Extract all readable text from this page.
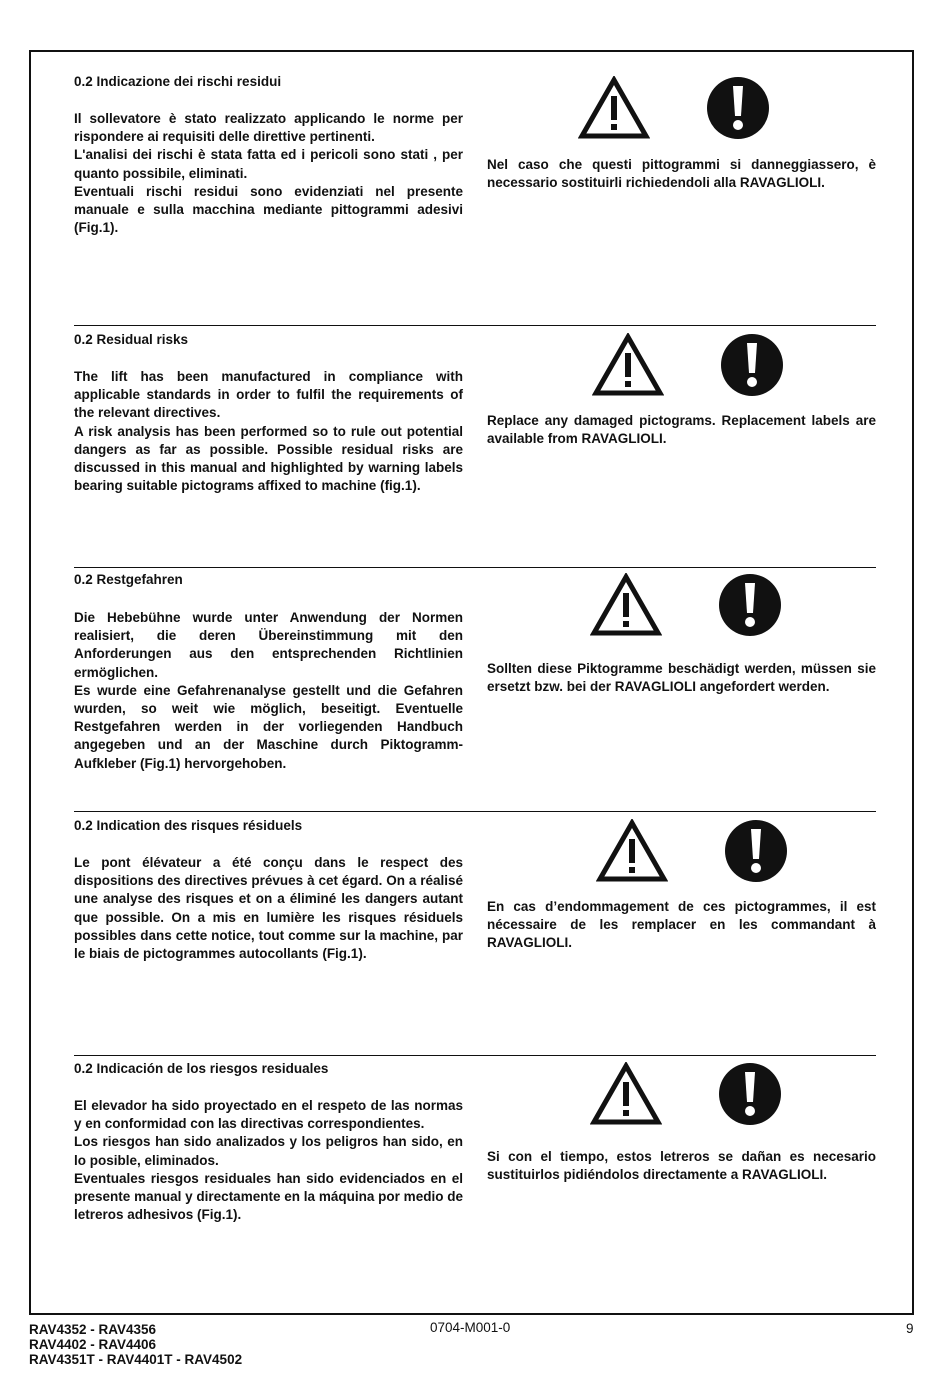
0.2 Indicazione dei rischi residui

Il sollevatore è stato realizzato applicando le norme per rispondere ai requisiti delle direttive pertinenti.
L'analisi dei rischi è stata fatta ed i pericoli sono stati , per quanto possibile, eliminati.
Eventuali rischi residui sono evidenziati nel presente manuale e sulla macchina mediante pittogrammi adesivi (Fig.1).

Nel caso che questi pittogrammi si danneggiassero, è necessario sostituirli richiedendoli alla RAVAGLIOLI.

0.2 Residual risks

The lift has been manufactured in compliance with applicable standards in order to fulfil the requirements of the relevant directives.
A risk analysis has been performed so to rule out potential dangers as far as possible. Possible residual risks are discussed in this manual and highlighted by warning labels bearing suitable pictograms affixed to machine (fig.1).

Replace any damaged pictograms. Replacement labels are available from RAVAGLIOLI.

0.2 Restgefahren

Die Hebebühne wurde unter Anwendung der Normen realisiert, die deren Übereinstimmung mit den Anforderungen aus den entsprechenden Richtlinien ermöglichen.
Es wurde eine Gefahrenanalyse gestellt und die Gefahren wurden, so weit wie möglich, beseitigt. Eventuelle Restgefahren werden in der vorliegenden Handbuch angegeben und an der Maschine durch Piktogramm-Aufkleber (Fig.1) hervorgehoben.

Sollten diese Piktogramme beschädigt werden, müssen sie ersetzt bzw. bei der RAVAGLIOLI angefordert werden.

0.2 Indication des risques résiduels

Le pont élévateur a été conçu dans le respect des dispositions des directives prévues à cet égard. On a réalisé une analyse des risques et on a éliminé les dangers autant que possible. On a mis en lumière les risques résiduels possibles dans cette notice, tout comme sur la machine, par le biais de pictogrammes autocollants (Fig.1).

En cas d’endommagement de ces pictogrammes, il est nécessaire de les remplacer en les commandant à RAVAGLIOLI.

0.2 Indicación de los riesgos residuales

El elevador ha sido proyectado en el respeto de las normas y en conformidad con las directivas correspondientes.
Los riesgos han sido analizados y los peligros han sido, en lo posible, eliminados.
Eventuales riesgos residuales han sido evidenciados en el presente manual y directamente en la máquina por medio de letreros adhesivos (Fig.1).

Si con el tiempo, estos letreros se dañan es necesario sustituirlos pidiéndolos directamente a RAVAGLIOLI.

RAV4352 - RAV4356
RAV4402 - RAV4406
RAV4351T - RAV4401T - RAV4502
0704-M001-0	9
